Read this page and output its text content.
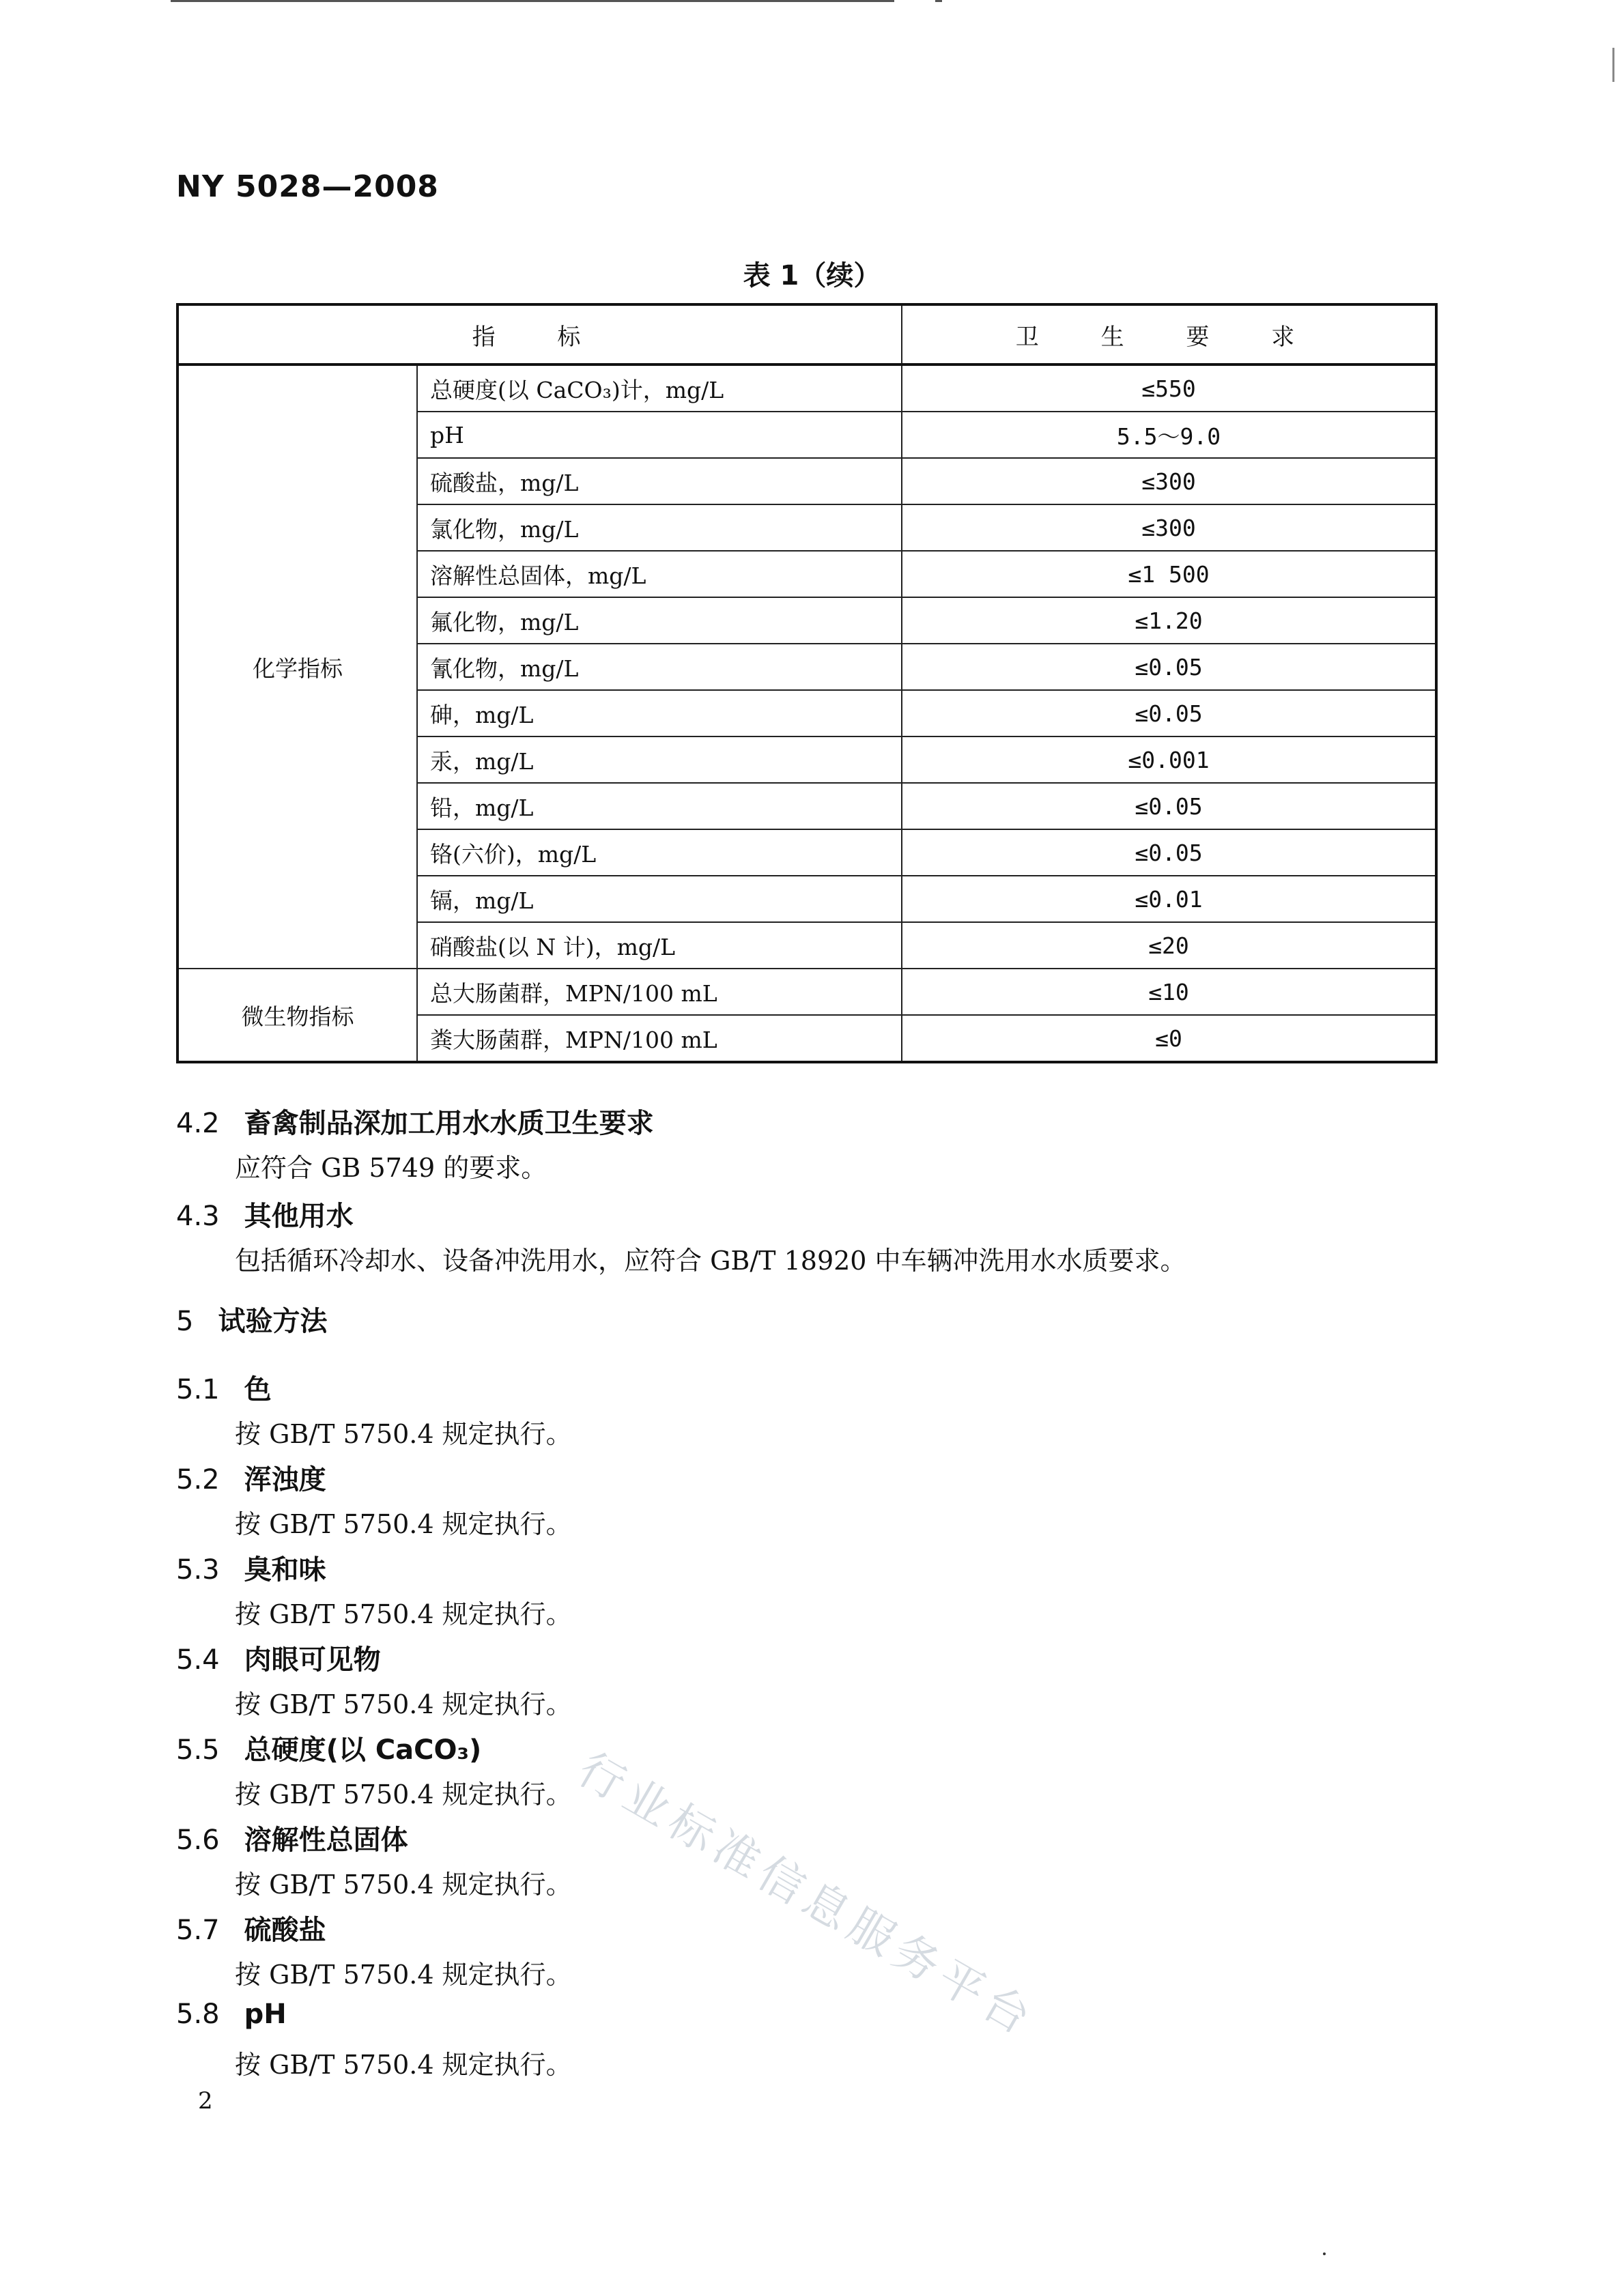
NY 5028—2008
表 1（续）
指 标		卫 生 要 求
化学指标	总硬度(以 CaCO₃)计，mg/L	≤550
	pH	5.5～9.0
	硫酸盐，mg/L	≤300
	氯化物，mg/L	≤300
	溶解性总固体，mg/L	≤1 500
	氟化物，mg/L	≤1.20
	氰化物，mg/L	≤0.05
	砷，mg/L	≤0.05
	汞，mg/L	≤0.001
	铅，mg/L	≤0.05
	铬(六价)，mg/L	≤0.05
	镉，mg/L	≤0.01
	硝酸盐(以 N 计)，mg/L	≤20
微生物指标	总大肠菌群，MPN/100 mL	≤10
	粪大肠菌群，MPN/100 mL	≤0
4.2 畜禽制品深加工用水水质卫生要求
应符合 GB 5749 的要求。
4.3 其他用水
包括循环冷却水、设备冲洗用水，应符合 GB/T 18920 中车辆冲洗用水水质要求。
5 试验方法
5.1 色
按 GB/T 5750.4 规定执行。
5.2 浑浊度
按 GB/T 5750.4 规定执行。
5.3 臭和味
按 GB/T 5750.4 规定执行。
5.4 肉眼可见物
按 GB/T 5750.4 规定执行。
5.5 总硬度(以 CaCO₃)
按 GB/T 5750.4 规定执行。
5.6 溶解性总固体
按 GB/T 5750.4 规定执行。
5.7 硫酸盐
按 GB/T 5750.4 规定执行。
5.8 pH
按 GB/T 5750.4 规定执行。
2
行业标准信息服务平台
